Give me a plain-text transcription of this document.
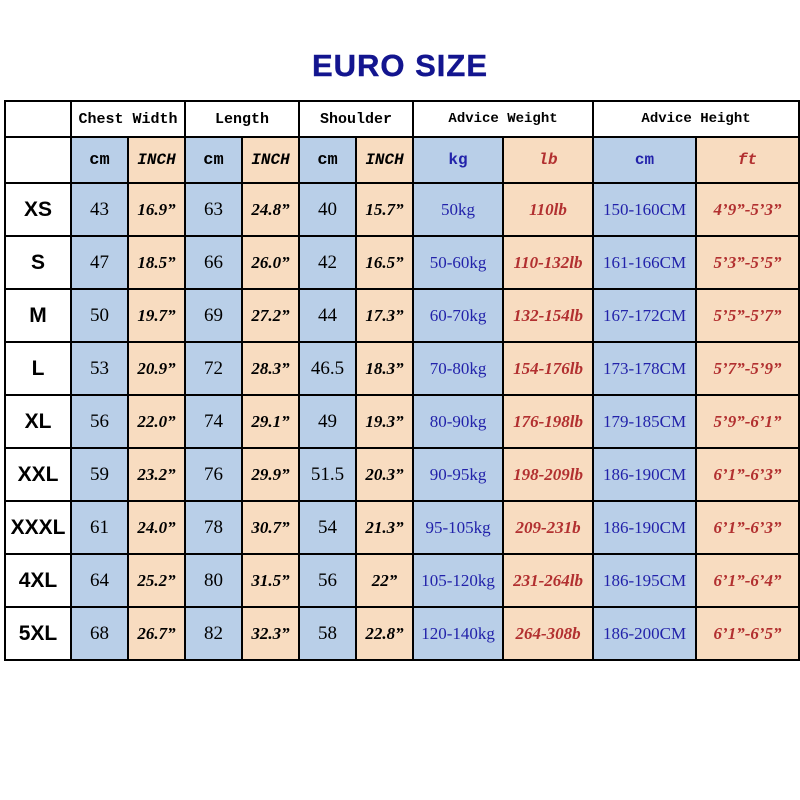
EURO SIZE
	Chest Width		Length		Shoulder		Advice Weight		Advice Height	
	cm	INCH	cm	INCH	cm	INCH	kg	lb	cm	ft
XS	43	16.9”	63	24.8”	40	15.7”	50kg	110lb	150-160CM	4’9”-5’3”
S	47	18.5”	66	26.0”	42	16.5”	50-60kg	110-132lb	161-166CM	5’3”-5’5”
M	50	19.7”	69	27.2”	44	17.3”	60-70kg	132-154lb	167-172CM	5’5”-5’7”
L	53	20.9”	72	28.3”	46.5	18.3”	70-80kg	154-176lb	173-178CM	5’7”-5’9”
XL	56	22.0”	74	29.1”	49	19.3”	80-90kg	176-198lb	179-185CM	5’9”-6’1”
XXL	59	23.2”	76	29.9”	51.5	20.3”	90-95kg	198-209lb	186-190CM	6’1”-6’3”
XXXL	61	24.0”	78	30.7”	54	21.3”	95-105kg	209-231b	186-190CM	6’1”-6’3”
4XL	64	25.2”	80	31.5”	56	22”	105-120kg	231-264lb	186-195CM	6’1”-6’4”
5XL	68	26.7”	82	32.3”	58	22.8”	120-140kg	264-308b	186-200CM	6’1”-6’5”
